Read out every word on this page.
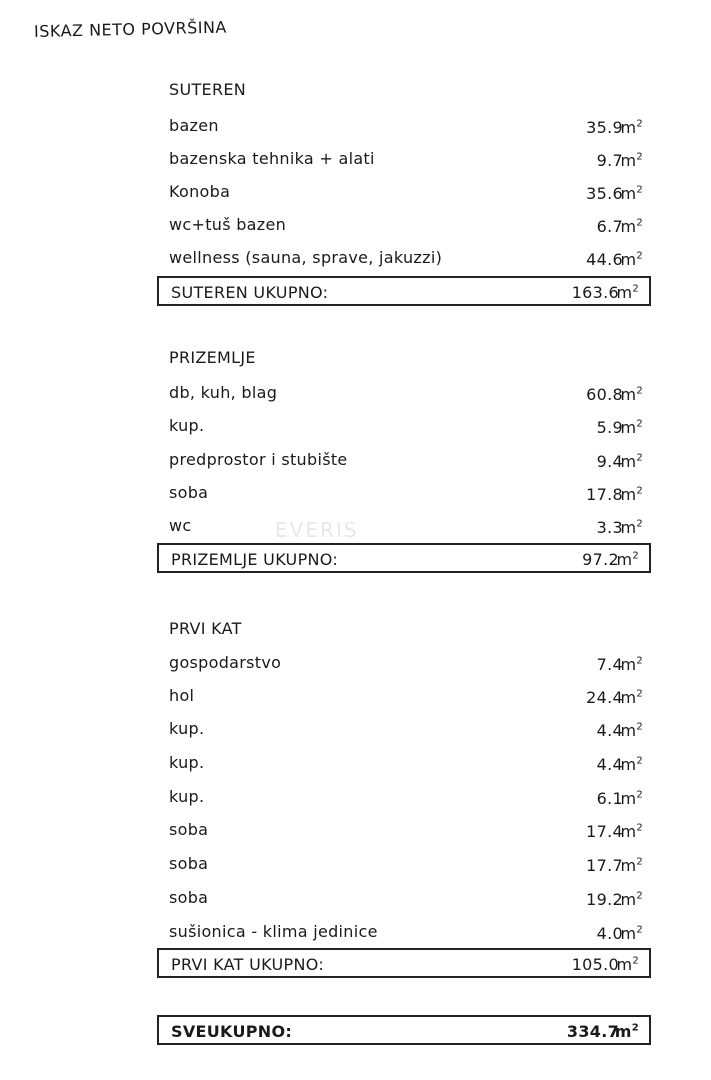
ISKAZ NETO POVRŠINA
EVERIS
SUTEREN
bazen	35.9
$m^2$
bazenska tehnika + alati	9.7
$m^2$
Konoba	35.6
$m^2$
wc+tuš bazen	6.7
$m^2$
wellness (sauna, sprave, jakuzzi)	44.6
$m^2$
SUTEREN UKUPNO:	163.6
$m^2$
PRIZEMLJE
db, kuh, blag	60.8
$m^2$
kup.	5.9
$m^2$
predprostor i stubište	9.4
$m^2$
soba	17.8
$m^2$
wc	3.3
$m^2$
PRIZEMLJE UKUPNO:	97.2
$m^2$
PRVI KAT
gospodarstvo	7.4
$m^2$
hol	24.4
$m^2$
kup.	4.4
$m^2$
kup.	4.4
$m^2$
kup.	6.1
$m^2$
soba	17.4
$m^2$
soba	17.7
$m^2$
soba	19.2
$m^2$
sušionica - klima jedinice	4.0
$m^2$
PRVI KAT UKUPNO:	105.0
$m^2$
SVEUKUPNO:	334.7
$m^2$
